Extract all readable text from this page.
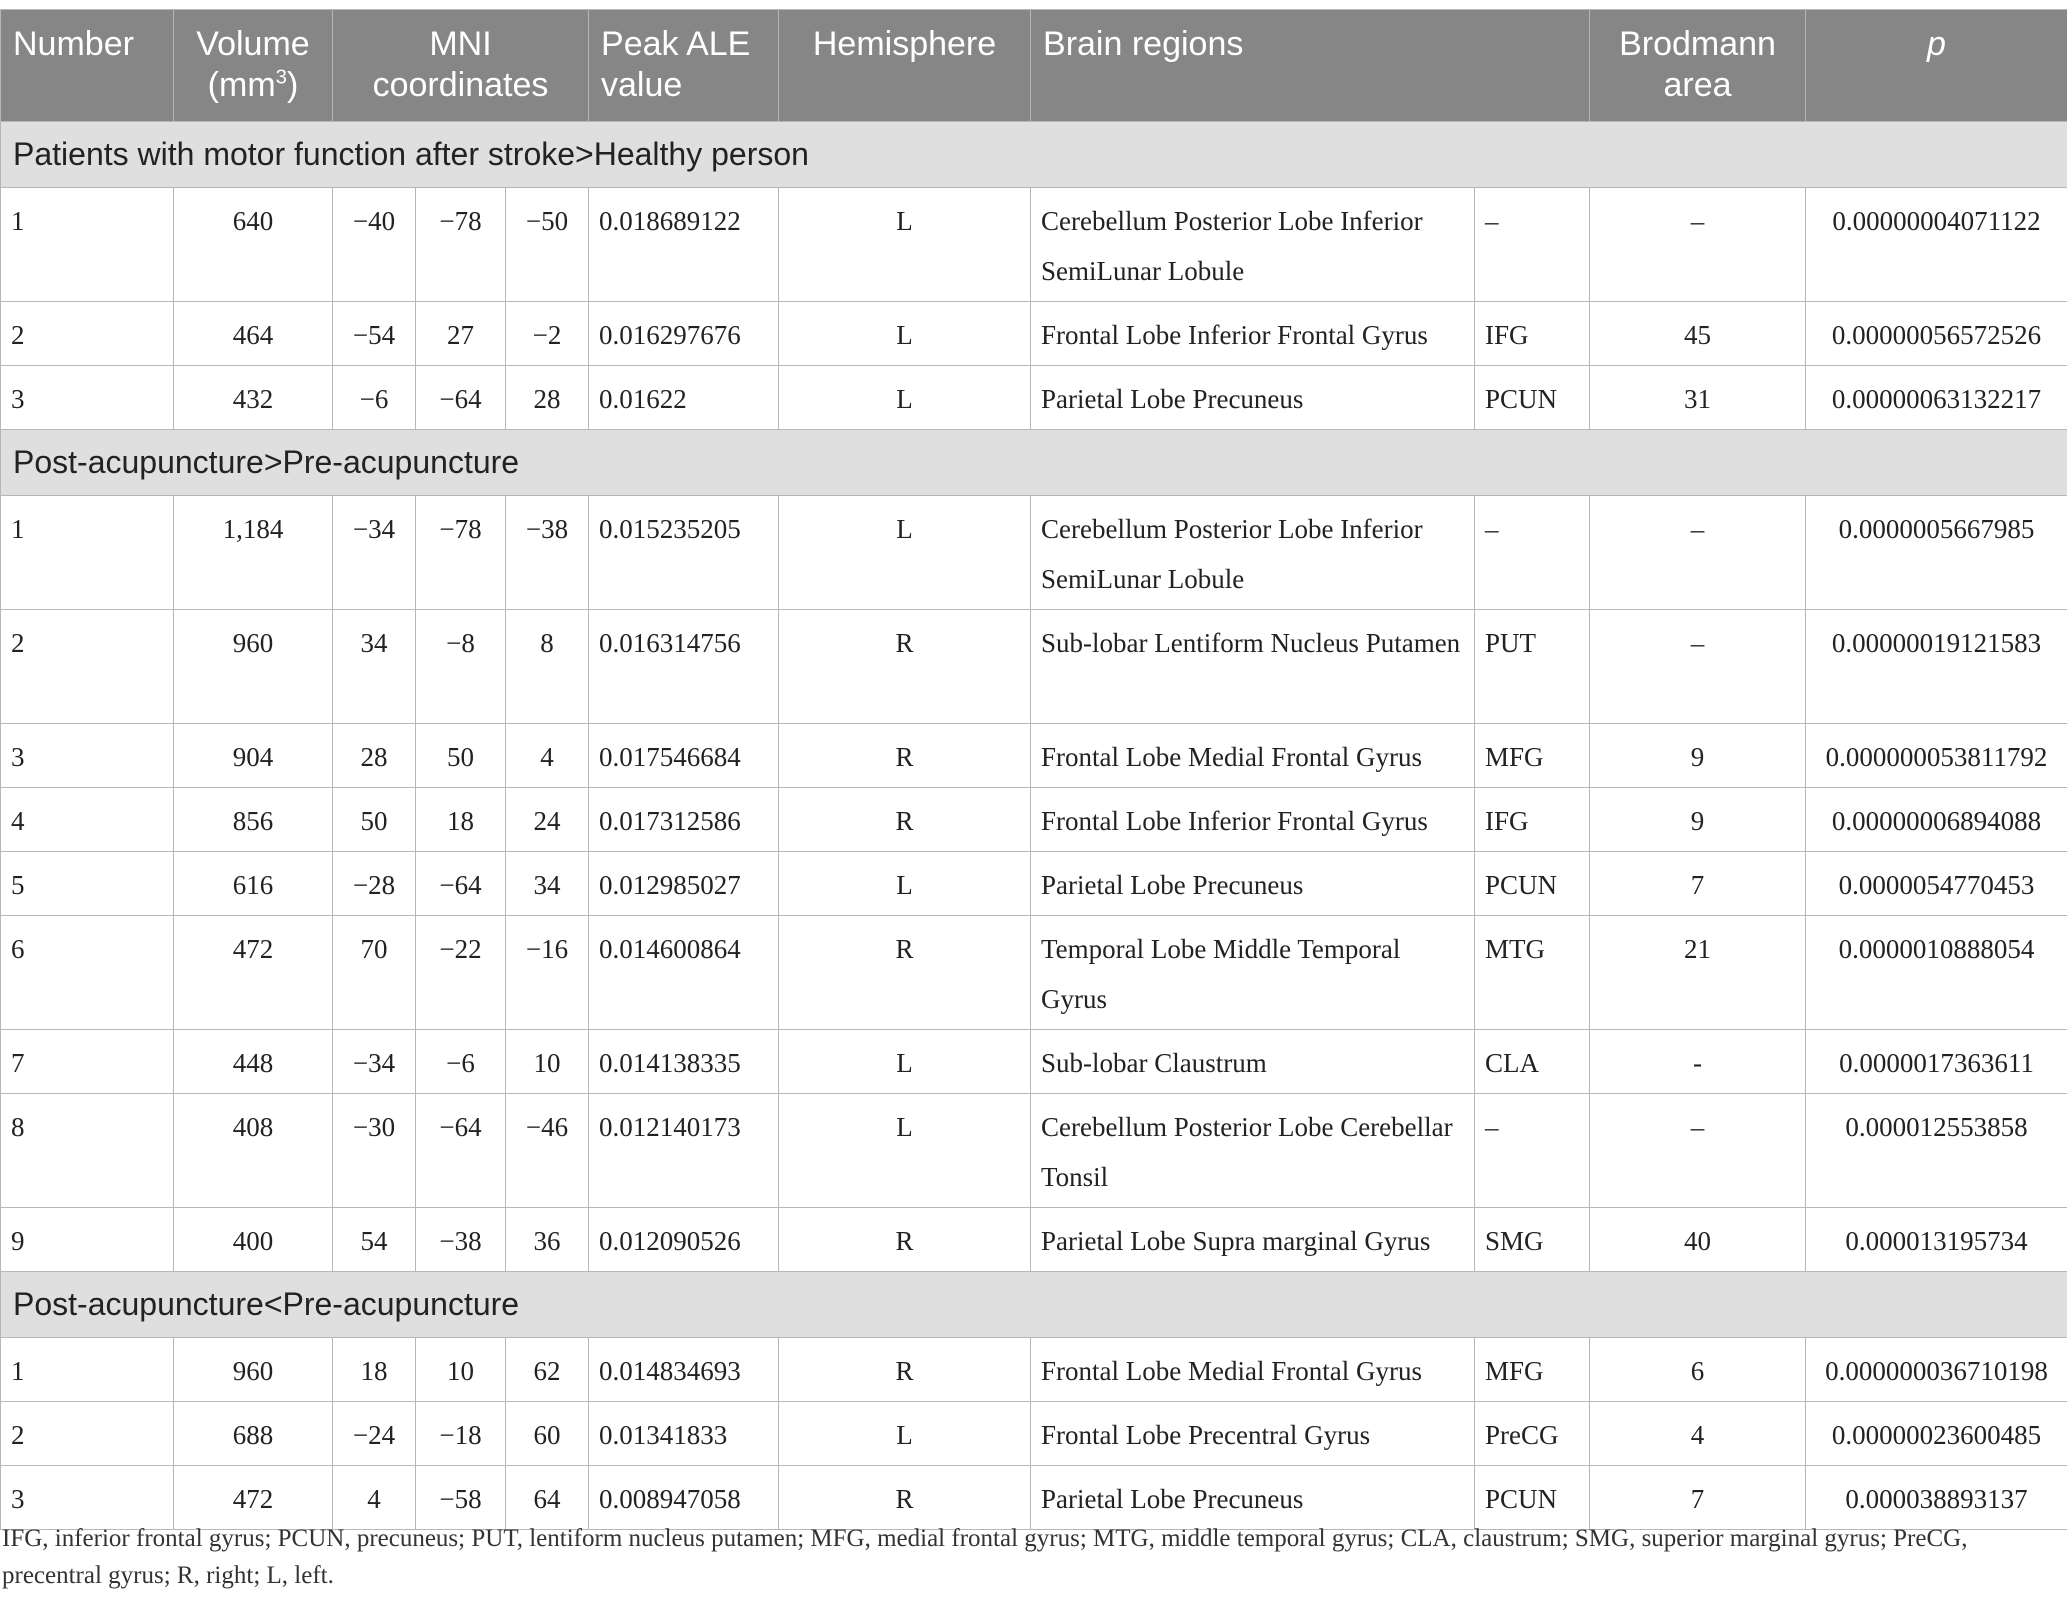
Number	Volume $(mm^3)$	MNI coordinates			Peak ALE value	Hemisphere	Brain regions		Brodmann area	p
Patients with motor function after stroke>Healthy person										

1	640	−40	−78	−50	0.018689122	L	Cerebellum Posterior Lobe Inferior SemiLunar Lobule	–	–	0.00000004071122

2	464	−54	27	−2	0.016297676	L	Frontal Lobe Inferior Frontal Gyrus	IFG	45	0.00000056572526

3	432	−6	−64	28	0.01622	L	Parietal Lobe Precuneus	PCUN	31	0.00000063132217

Post-acupuncture>Pre-acupuncture										

1	1,184	−34	−78	−38	0.015235205	L	Cerebellum Posterior Lobe Inferior SemiLunar Lobule	–	–	0.0000005667985

2	960	34	−8	8	0.016314756	R	Sub-lobar Lentiform Nucleus Putamen	PUT	–	0.00000019121583

3	904	28	50	4	0.017546684	R	Frontal Lobe Medial Frontal Gyrus	MFG	9	0.000000053811792

4	856	50	18	24	0.017312586	R	Frontal Lobe Inferior Frontal Gyrus	IFG	9	0.00000006894088

5	616	−28	−64	34	0.012985027	L	Parietal Lobe Precuneus	PCUN	7	0.0000054770453

6	472	70	−22	−16	0.014600864	R	Temporal Lobe Middle Temporal Gyrus	MTG	21	0.0000010888054

7	448	−34	−6	10	0.014138335	L	Sub-lobar Claustrum	CLA	-	0.0000017363611

8	408	−30	−64	−46	0.012140173	L	Cerebellum Posterior Lobe Cerebellar Tonsil	–	–	0.000012553858

9	400	54	−38	36	0.012090526	R	Parietal Lobe Supra marginal Gyrus	SMG	40	0.000013195734

Post-acupuncture<Pre-acupuncture										

1	960	18	10	62	0.014834693	R	Frontal Lobe Medial Frontal Gyrus	MFG	6	0.000000036710198

2	688	−24	−18	60	0.01341833	L	Frontal Lobe Precentral Gyrus	PreCG	4	0.00000023600485

3	472	4	−58	64	0.008947058	R	Parietal Lobe Precuneus	PCUN	7	0.000038893137
IFG, inferior frontal gyrus; PCUN, precuneus; PUT, lentiform nucleus putamen; MFG, medial frontal gyrus; MTG, middle temporal gyrus; CLA, claustrum; SMG, superior marginal gyrus; PreCG, precentral gyrus; R, right; L, left.
